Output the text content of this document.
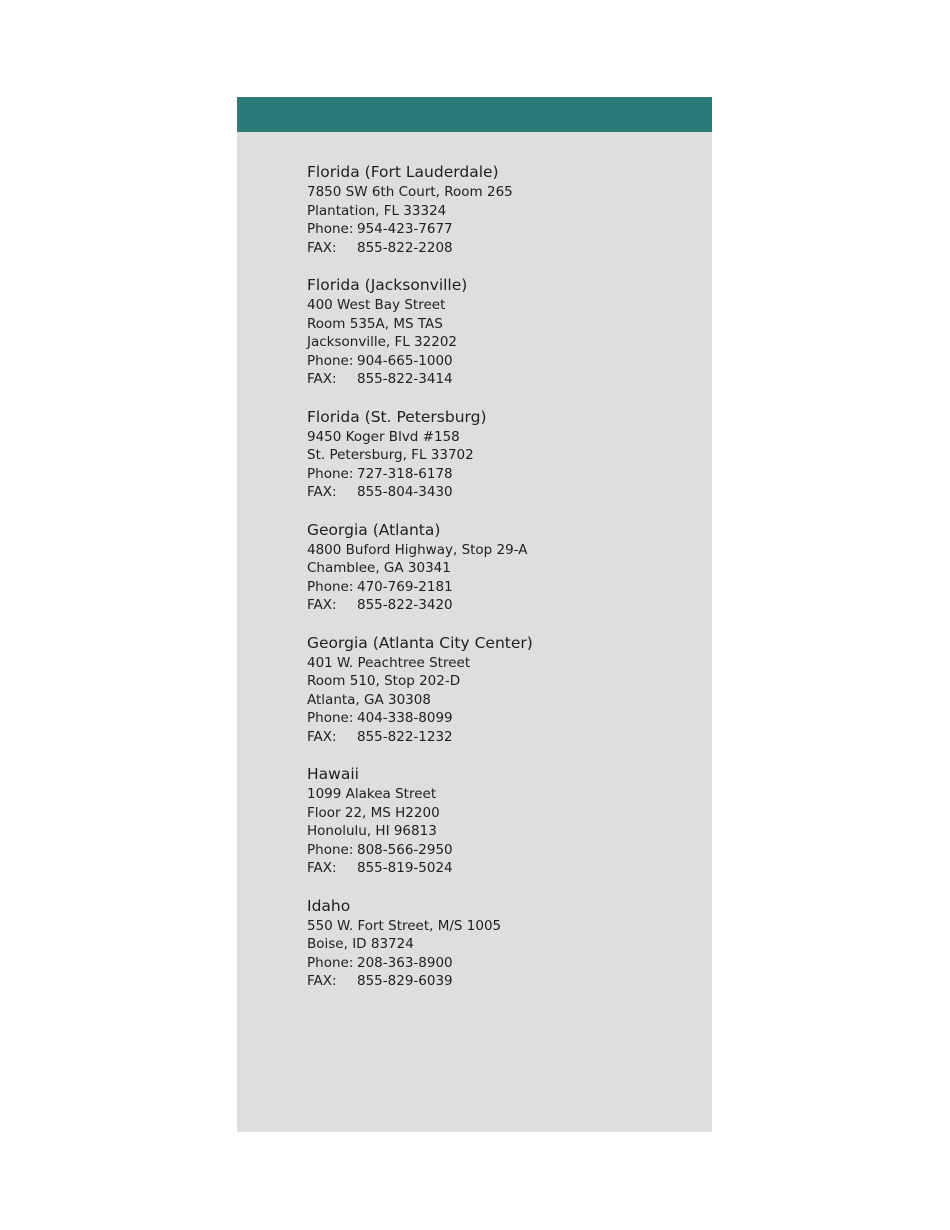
Florida (Fort Lauderdale)
7850 SW 6th Court, Room 265
Plantation, FL 33324
Phone: 954-423-7677
FAX:	855-822-2208
Florida (Jacksonville)
400 West Bay Street
Room 535A, MS TAS
Jacksonville, FL 32202
Phone: 904-665-1000
FAX:	855-822-3414
Florida (St. Petersburg)
9450 Koger Blvd #158
St. Petersburg, FL 33702
Phone: 727-318-6178
FAX:	855-804-3430
Georgia (Atlanta)
4800 Buford Highway, Stop 29-A
Chamblee, GA 30341
Phone: 470-769-2181
FAX:	855-822-3420
Georgia (Atlanta City Center)
401 W. Peachtree Street
Room 510, Stop 202-D
Atlanta, GA 30308
Phone: 404-338-8099
FAX:	855-822-1232
Hawaii
1099 Alakea Street
Floor 22, MS H2200
Honolulu, HI 96813
Phone: 808-566-2950
FAX:	855-819-5024
Idaho
550 W. Fort Street, M/S 1005
Boise, ID 83724
Phone: 208-363-8900
FAX:	855-829-6039
